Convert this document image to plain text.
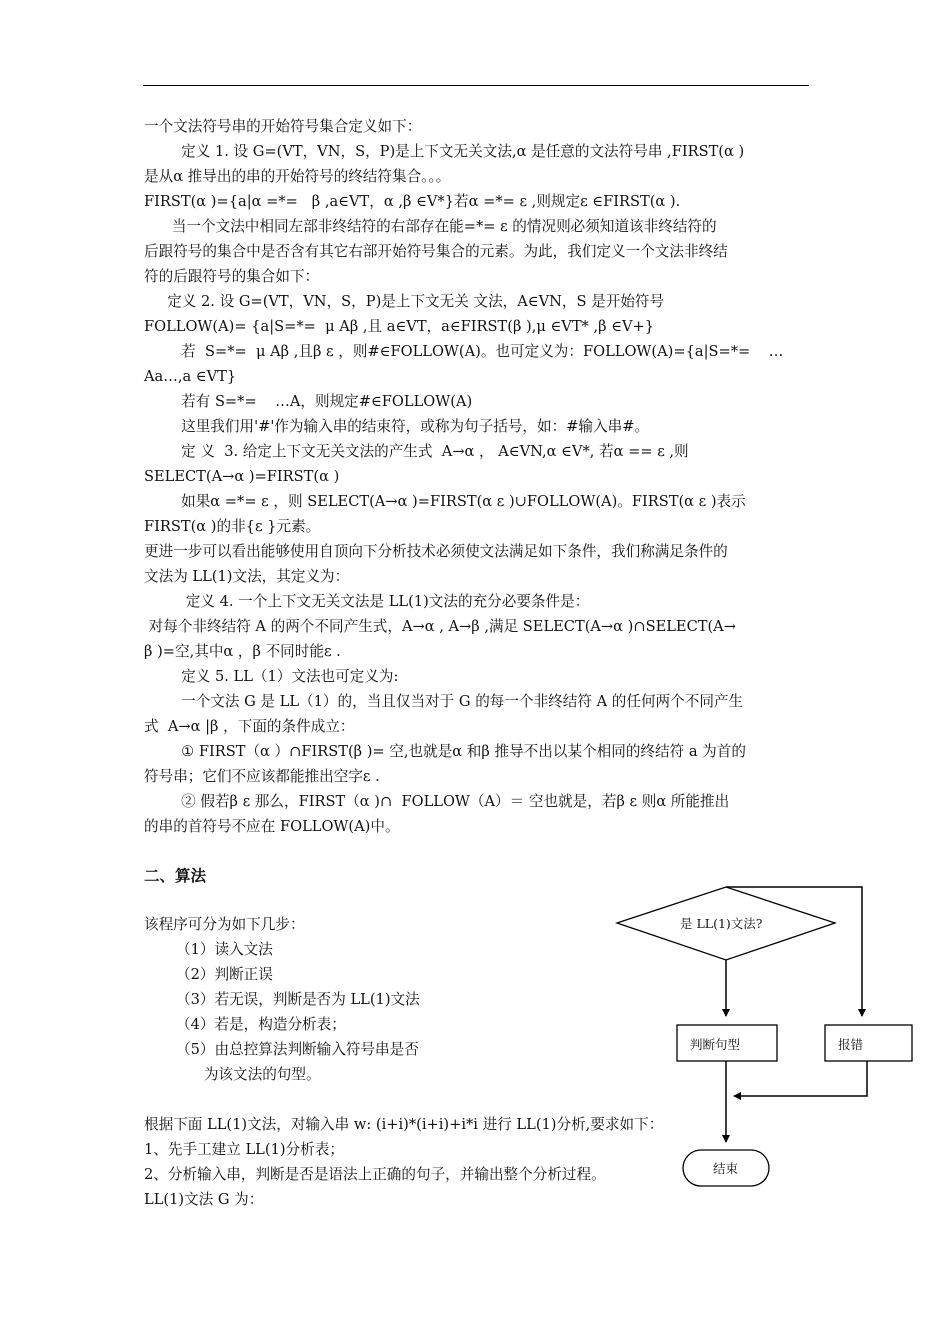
一个文法符号串的开始符号集合定义如下：
定义 1. 设 G=(VT，VN，S，P)是上下文无关文法,α 是任意的文法符号串 ,FIRST(α )
是从α 推导出的串的开始符号的终结符集合。。。
FIRST(α )={a|α =*=   β ,a∈VT，α ,β ∈V*}若α =*= ε ,则规定ε ∈FIRST(α ).
当一个文法中相同左部非终结符的右部存在能=*= ε 的情况则必须知道该非终结符的
后跟符号的集合中是否含有其它右部开始符号集合的元素。为此，我们定义一个文法非终结
符的后跟符号的集合如下：
定义 2. 设 G=(VT，VN，S，P)是上下文无关 文法，A∈VN，S 是开始符号
FOLLOW(A)= {a|S=*=  μ Aβ ,且 a∈VT，a∈FIRST(β ),μ ∈VT* ,β ∈V+}
若  S=*=  μ Aβ ,且β ε ，则#∈FOLLOW(A)。也可定义为：FOLLOW(A)={a|S=*=    …
Aa…,a ∈VT}
若有 S=*=    …A，则规定#∈FOLLOW(A)
这里我们用'#'作为输入串的结束符，或称为句子括号，如：#输入串#。
定 义  3. 给定上下文无关文法的产生式  A→α ， A∈VN,α ∈V*, 若α == ε ,则
SELECT(A→α )=FIRST(α )
如果α =*= ε ，则 SELECT(A→α )=FIRST(α ε )∪FOLLOW(A)。FIRST(α ε )表示
FIRST(α )的非{ε }元素。
更进一步可以看出能够使用自顶向下分析技术必须使文法满足如下条件，我们称满足条件的
文法为 LL(1)文法，其定义为：
定义 4. 一个上下文无关文法是 LL(1)文法的充分必要条件是：
对每个非终结符 A 的两个不同产生式，A→α , A→β ,满足 SELECT(A→α )∩SELECT(A→
β )=空,其中α ，β 不同时能ε .
定义 5. LL（1）文法也可定义为:
一个文法 G 是 LL（1）的，当且仅当对于 G 的每一个非终结符 A 的任何两个不同产生
式  A→α |β ，下面的条件成立：
① FIRST（α ）∩FIRST(β )= 空,也就是α 和β 推导不出以某个相同的终结符 a 为首的
符号串；它们不应该都能推出空字ε .
② 假若β ε 那么，FIRST（α )∩  FOLLOW（A）＝ 空也就是，若β ε 则α 所能推出
的串的首符号不应在 FOLLOW(A)中。
二、算法
该程序可分为如下几步：
（1）读入文法
（2）判断正误
（3）若无误，判断是否为 LL(1)文法
（4）若是，构造分析表；
（5）由总控算法判断输入符号串是否
为该文法的句型。
根据下面 LL(1)文法，对输入串 w: (i+i)*(i+i)+i*i 进行 LL(1)分析,要求如下：
1、先手工建立 LL(1)分析表；
2、分析输入串，判断是否是语法上正确的句子，并输出整个分析过程。
LL(1)文法 G 为：
是 LL(1)文法?
判断句型	报错
结束
